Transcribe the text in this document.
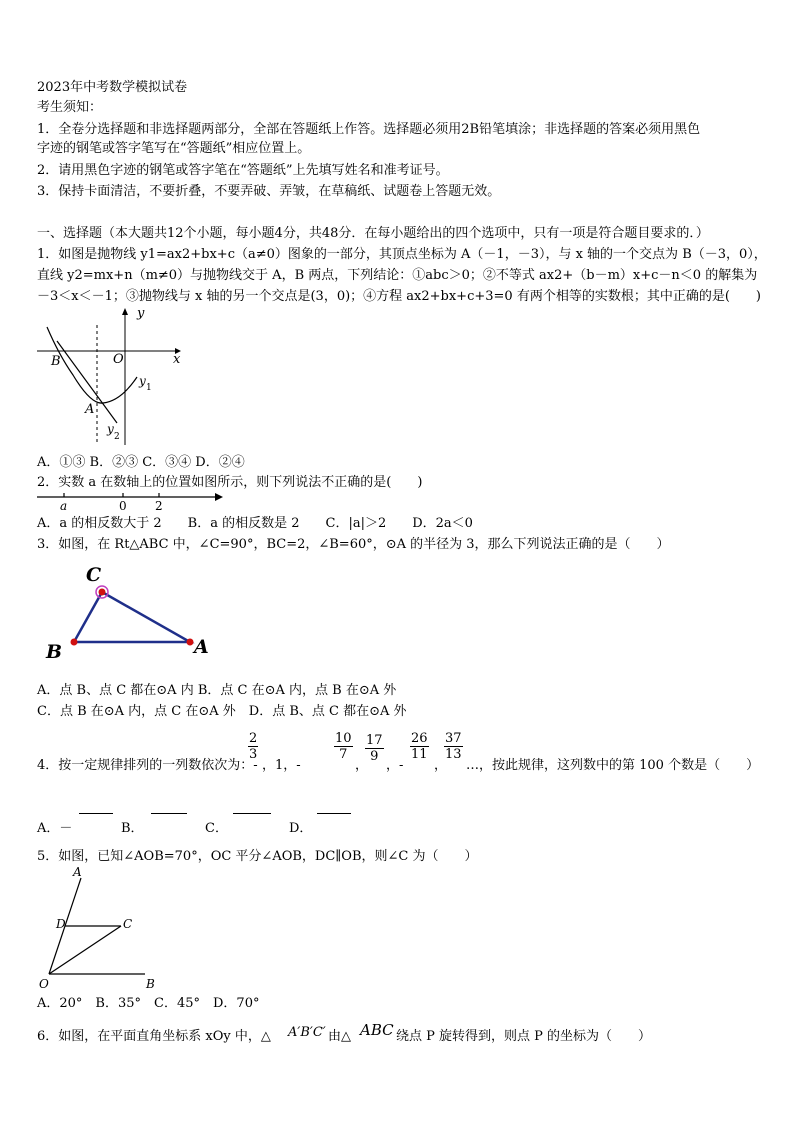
2023年中考数学模拟试卷
考生须知：
1．全卷分选择题和非选择题两部分，全部在答题纸上作答。选择题必须用2B铅笔填涂；非选择题的答案必须用黑色
字迹的钢笔或答字笔写在“答题纸”相应位置上。
2．请用黑色字迹的钢笔或答字笔在“答题纸”上先填写姓名和准考证号。
3．保持卡面清洁，不要折叠，不要弄破、弄皱，在草稿纸、试题卷上答题无效。
一、选择题（本大题共12个小题，每小题4分，共48分．在每小题给出的四个选项中，只有一项是符合题目要求的．）
1．如图是抛物线 y1=ax2+bx+c（a≠0）图象的一部分，其顶点坐标为 A（－1，－3），与 x 轴的一个交点为 B（－3，0），
直线 y2=mx+n（m≠0）与抛物线交于 A，B 两点，下列结论：①abc＞0；②不等式 ax2+（b－m）x+c－n＜0 的解集为
－3＜x＜－1；③抛物线与 x 轴的另一个交点是(3，0)；④方程 ax2+bx+c+3=0 有两个相等的实数根；其中正确的是(　　)
y
x
O
B
A
y 1
y
2
A．①③ B．②③ C．③④ D．②④
2．实数 a 在数轴上的位置如图所示，则下列说法不正确的是(　　)
a	0 2
A．a 的相反数大于 2　　B．a 的相反数是 2　　C．|a|＞2　　D．2a＜0
3．如图，在 Rt△ABC 中，∠C=90°，BC=2，∠B=60°，⊙A 的半径为 3，那么下列说法正确的是（　　）
C
B	A
A．点 B、点 C 都在⊙A 内 B．点 C 在⊙A 内，点 B 在⊙A 外
C．点 B 在⊙A 内，点 C 在⊙A 外　D．点 B、点 C 都在⊙A 外
4．按一定规律排列的一列数依次为：-
$\frac{2}{3}$
，1，-
$\frac{10}{7}$
，
$\frac{17}{9}$
，-
$\frac{26}{11}$
，
$\frac{37}{13}$
…，按此规律，这列数中的第 100 个数是（　　）
A．－	B．	C．	D．
5．如图，已知∠AOB=70°，OC 平分∠AOB，DC∥OB，则∠C 为（　　）
A
D	C
O	B
A．20°　B．35°　C．45°　D．70°
6．如图，在平面直角坐标系 xOy 中，△ A′B′C′ 由△ ABC 绕点 P 旋转得到，则点 P 的坐标为（　　）
